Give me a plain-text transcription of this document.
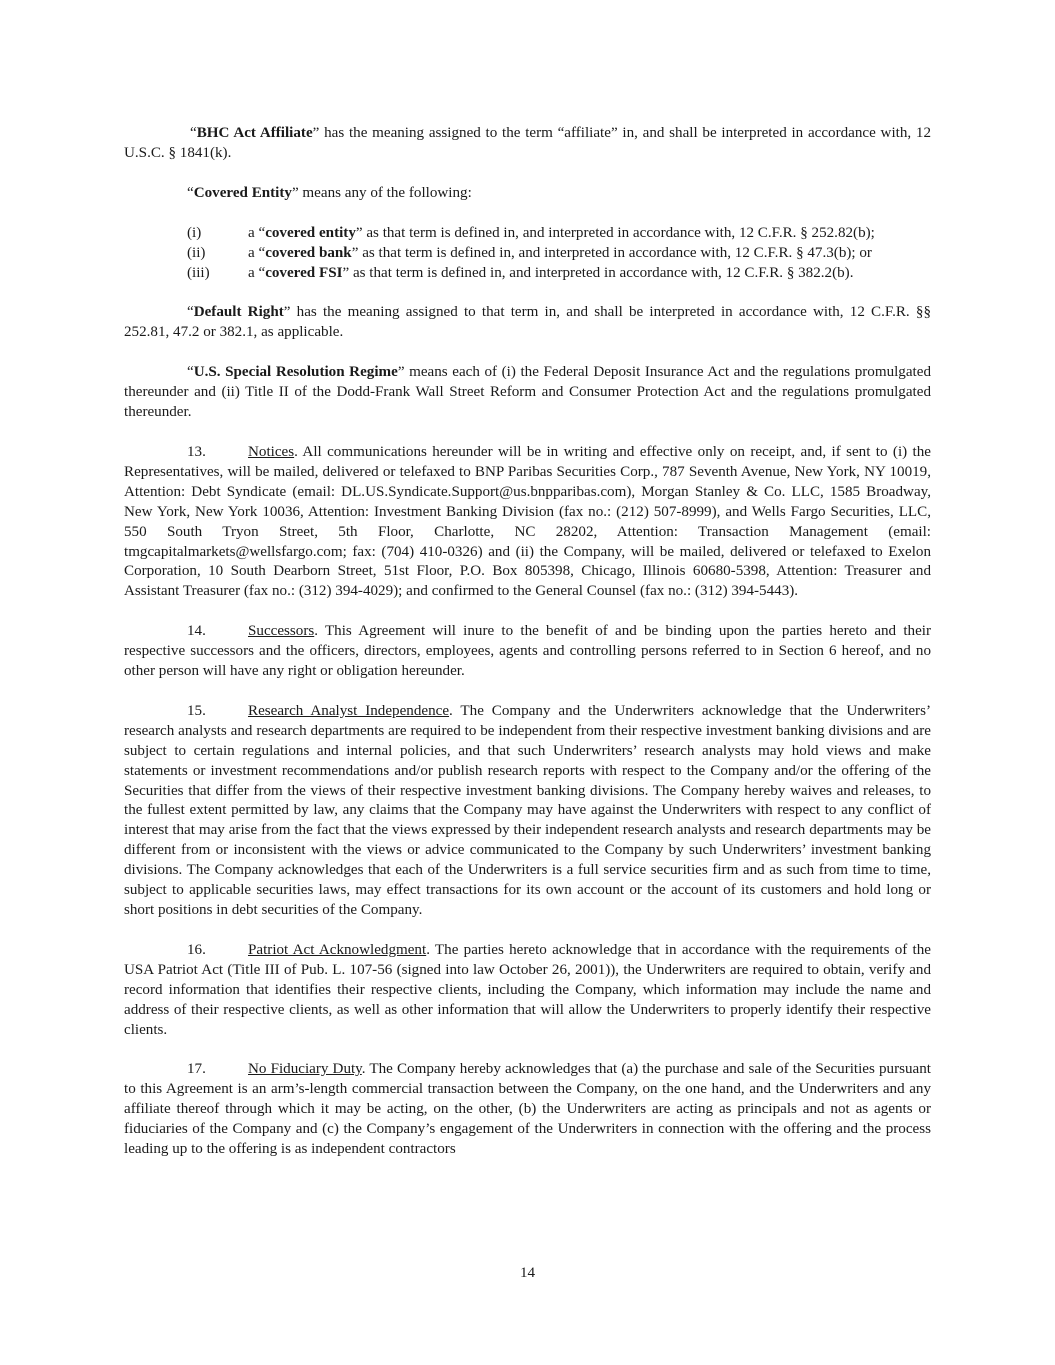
“BHC Act Affiliate” has the meaning assigned to the term “affiliate” in, and shall be interpreted in accordance with, 12 U.S.C. § 1841(k).

“Covered Entity” means any of the following:

(i)	a “covered entity” as that term is defined in, and interpreted in accordance with, 12 C.F.R. § 252.82(b);
(ii)	a “covered bank” as that term is defined in, and interpreted in accordance with, 12 C.F.R. § 47.3(b); or
(iii)	a “covered FSI” as that term is defined in, and interpreted in accordance with, 12 C.F.R. § 382.2(b).

“Default Right” has the meaning assigned to that term in, and shall be interpreted in accordance with, 12 C.F.R. §§ 252.81, 47.2 or 382.1, as applicable.

“U.S. Special Resolution Regime” means each of (i) the Federal Deposit Insurance Act and the regulations promulgated thereunder and (ii) Title II of the Dodd-Frank Wall Street Reform and Consumer Protection Act and the regulations promulgated thereunder.

13.	Notices. All communications hereunder will be in writing and effective only on receipt, and, if sent to (i) the Representatives, will be mailed, delivered or telefaxed to BNP Paribas Securities Corp., 787 Seventh Avenue, New York, NY 10019, Attention: Debt Syndicate (email: DL.US.Syndicate.Support@us.bnpparibas.com), Morgan Stanley & Co. LLC, 1585 Broadway, New York, New York 10036, Attention: Investment Banking Division (fax no.: (212) 507-8999), and Wells Fargo Securities, LLC, 550 South Tryon Street, 5th Floor, Charlotte, NC 28202, Attention: Transaction Management (email: tmgcapitalmarkets@wellsfargo.com; fax: (704) 410-0326) and (ii) the Company, will be mailed, delivered or telefaxed to Exelon Corporation, 10 South Dearborn Street, 51st Floor, P.O. Box 805398, Chicago, Illinois 60680-5398, Attention: Treasurer and Assistant Treasurer (fax no.: (312) 394-4029); and confirmed to the General Counsel (fax no.: (312) 394-5443).

14.	Successors. This Agreement will inure to the benefit of and be binding upon the parties hereto and their respective successors and the officers, directors, employees, agents and controlling persons referred to in Section 6 hereof, and no other person will have any right or obligation hereunder.

15.	Research Analyst Independence. The Company and the Underwriters acknowledge that the Underwriters’ research analysts and research departments are required to be independent from their respective investment banking divisions and are subject to certain regulations and internal policies, and that such Underwriters’ research analysts may hold views and make statements or investment recommendations and/or publish research reports with respect to the Company and/or the offering of the Securities that differ from the views of their respective investment banking divisions. The Company hereby waives and releases, to the fullest extent permitted by law, any claims that the Company may have against the Underwriters with respect to any conflict of interest that may arise from the fact that the views expressed by their independent research analysts and research departments may be different from or inconsistent with the views or advice communicated to the Company by such Underwriters’ investment banking divisions. The Company acknowledges that each of the Underwriters is a full service securities firm and as such from time to time, subject to applicable securities laws, may effect transactions for its own account or the account of its customers and hold long or short positions in debt securities of the Company.

16.	Patriot Act Acknowledgment. The parties hereto acknowledge that in accordance with the requirements of the USA Patriot Act (Title III of Pub. L. 107-56 (signed into law October 26, 2001)), the Underwriters are required to obtain, verify and record information that identifies their respective clients, including the Company, which information may include the name and address of their respective clients, as well as other information that will allow the Underwriters to properly identify their respective clients.

17.	No Fiduciary Duty. The Company hereby acknowledges that (a) the purchase and sale of the Securities pursuant to this Agreement is an arm’s-length commercial transaction between the Company, on the one hand, and the Underwriters and any affiliate thereof through which it may be acting, on the other, (b) the Underwriters are acting as principals and not as agents or fiduciaries of the Company and (c) the Company’s engagement of the Underwriters in connection with the offering and the process leading up to the offering is as independent contractors

14
